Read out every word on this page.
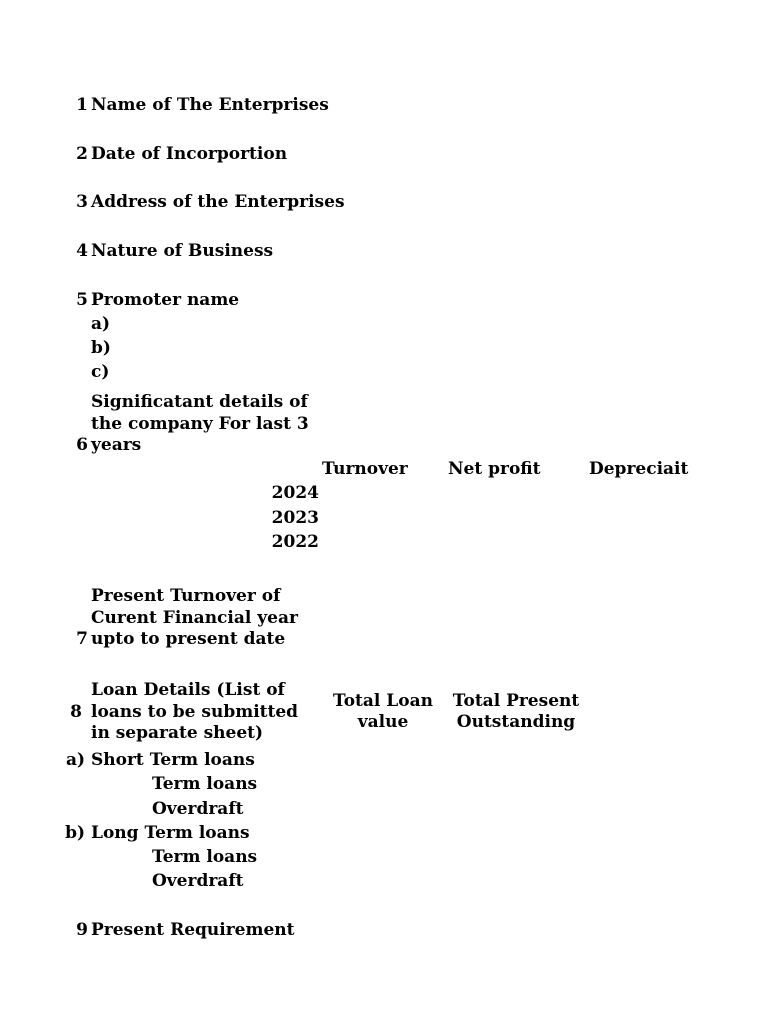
1 Name of The Enterprises
2 Date of Incorportion
3 Address of the Enterprises
4 Nature of Business
5 Promoter name
a)
b)
c)
Significatant details of
the company For last 3
6 years
Turnover Net profit	Depreciait
2024
2023
2022
Present Turnover of
Curent Financial year
7 upto to present date
Loan Details (List of
8 loans to be submitted
in separate sheet)
Total Loan
value
Total Present
Outstanding
a) Short Term loans
Term loans
Overdraft
b) Long Term loans
Term loans
Overdraft
9 Present Requirement
